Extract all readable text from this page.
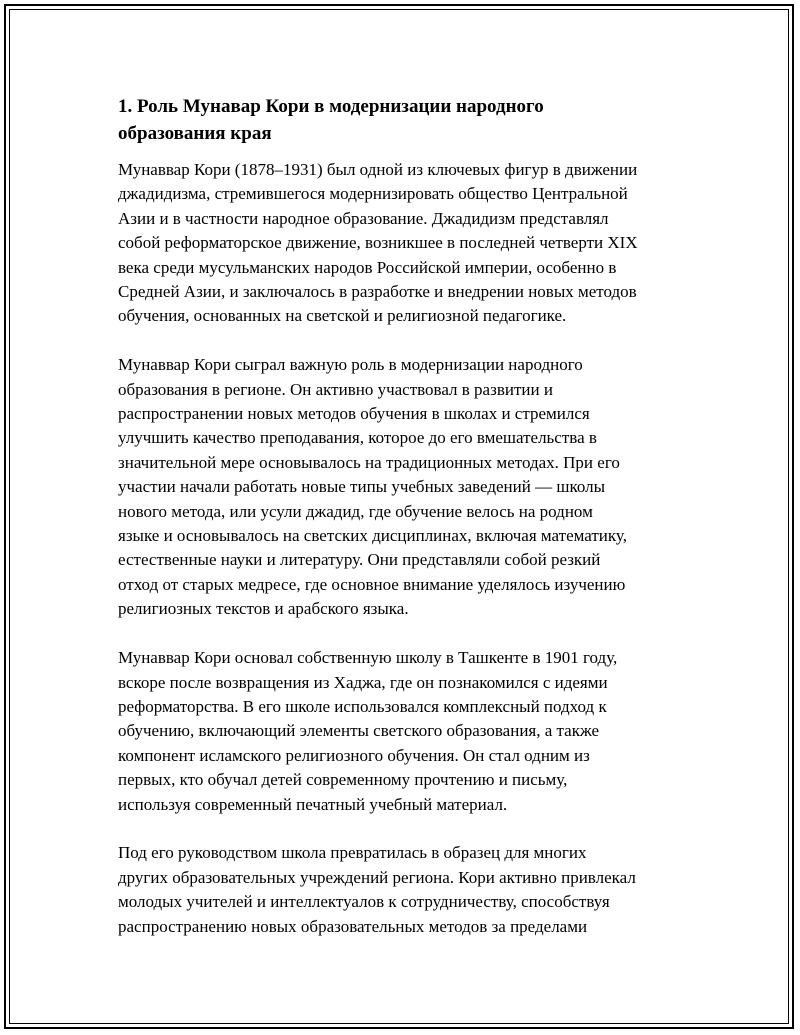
1. Роль Мунавар Кори в модернизации народного
образования края

Мунаввар Кори (1878–1931) был одной из ключевых фигур в движении
джадидизма, стремившегося модернизировать общество Центральной
Азии и в частности народное образование. Джадидизм представлял
собой реформаторское движение, возникшее в последней четверти XIX
века среди мусульманских народов Российской империи, особенно в
Средней Азии, и заключалось в разработке и внедрении новых методов
обучения, основанных на светской и религиозной педагогике.

Мунаввар Кори сыграл важную роль в модернизации народного
образования в регионе. Он активно участвовал в развитии и
распространении новых методов обучения в школах и стремился
улучшить качество преподавания, которое до его вмешательства в
значительной мере основывалось на традиционных методах. При его
участии начали работать новые типы учебных заведений — школы
нового метода, или усули джадид, где обучение велось на родном
языке и основывалось на светских дисциплинах, включая математику,
естественные науки и литературу. Они представляли собой резкий
отход от старых медресе, где основное внимание уделялось изучению
религиозных текстов и арабского языка.

Мунаввар Кори основал собственную школу в Ташкенте в 1901 году,
вскоре после возвращения из Хаджа, где он познакомился с идеями
реформаторства. В его школе использовался комплексный подход к
обучению, включающий элементы светского образования, а также
компонент исламского религиозного обучения. Он стал одним из
первых, кто обучал детей современному прочтению и письму,
используя современный печатный учебный материал.

Под его руководством школа превратилась в образец для многих
других образовательных учреждений региона. Кори активно привлекал
молодых учителей и интеллектуалов к сотрудничеству, способствуя
распространению новых образовательных методов за пределами
